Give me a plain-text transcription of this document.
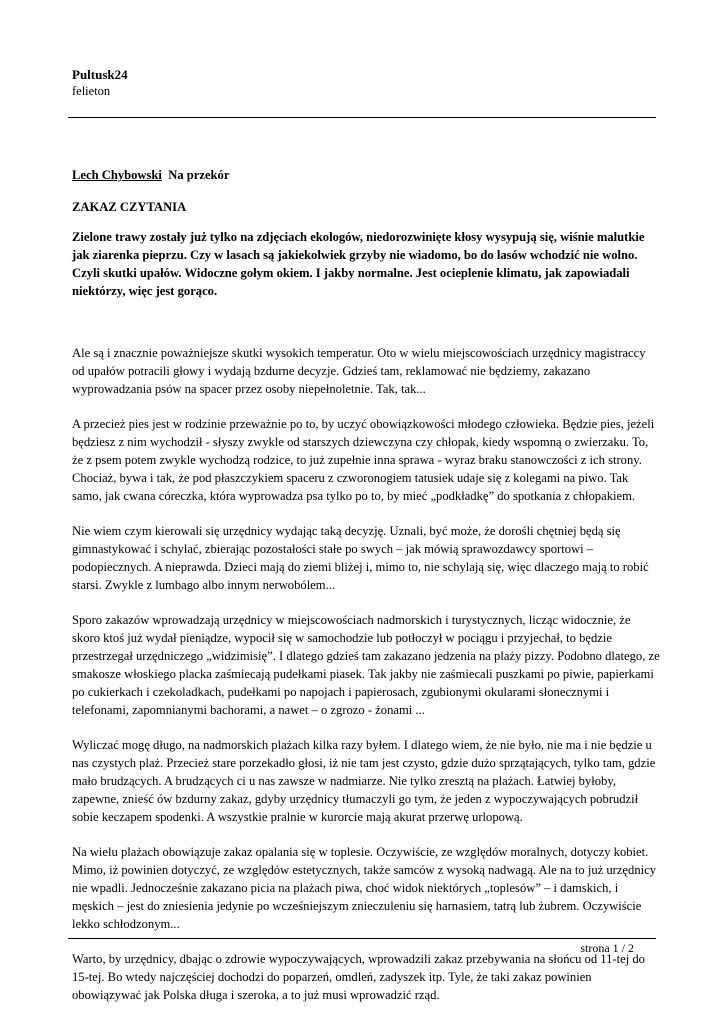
Pultusk24
felieton
Lech Chybowski Na przekór
ZAKAZ CZYTANIA
Zielone trawy zostały już tylko na zdjęciach ekologów, niedorozwinięte kłosy wysypują się, wiśnie malutkie jak ziarenka pieprzu. Czy w lasach są jakiekolwiek grzyby nie wiadomo, bo do lasów wchodzić nie wolno. Czyli skutki upałów. Widoczne gołym okiem. I jakby normalne. Jest ocieplenie klimatu, jak zapowiadali niektórzy, więc jest gorąco.

Ale są i znacznie poważniejsze skutki wysokich temperatur. Oto w wielu miejscowościach urzędnicy magistraccy od upałów potracili głowy i wydają bzdurne decyzje. Gdzieś tam, reklamować nie będziemy, zakazano wyprowadzania psów na spacer przez osoby niepełnoletnie. Tak, tak...

A przecież pies jest w rodzinie przeważnie po to, by uczyć obowiązkowości młodego człowieka. Będzie pies, jeżeli będziesz z nim wychodził - słyszy zwykle od starszych dziewczyna czy chłopak, kiedy wspomną o zwierzaku. To, że z psem potem zwykle wychodzą rodzice, to już zupełnie inna sprawa - wyraz braku stanowczości z ich strony. Chociaż, bywa i tak, że pod płaszczykiem spaceru z czworonogiem tatusiek udaje się z kolegami na piwo. Tak samo, jak cwana córeczka, która wyprowadza psa tylko po to, by mieć „podkładkę” do spotkania z chłopakiem.

Nie wiem czym kierowali się urzędnicy wydając taką decyzję. Uznali, być może, że dorośli chętniej będą się gimnastykować i schylać, zbierając pozostałości stałe po swych – jak mówią sprawozdawcy sportowi – podopiecznych. A nieprawda. Dzieci mają do ziemi bliżej i, mimo to, nie schylają się, więc dlaczego mają to robić starsi. Zwykle z lumbago albo innym nerwobólem...

Sporo zakazów wprowadzają urzędnicy w miejscowościach nadmorskich i turystycznych, licząc widocznie, że skoro ktoś już wydał pieniądze, wypocił się w samochodzie lub potłoczył w pociągu i przyjechał, to będzie przestrzegał urzędniczego „widzimisię”. I dlatego gdzieś tam zakazano jedzenia na plaży pizzy. Podobno dlatego, ze smakosze włoskiego placka zaśmiecają pudełkami piasek. Tak jakby nie zaśmiecali puszkami po piwie, papierkami po cukierkach i czekoladkach, pudełkami po napojach i papierosach, zgubionymi okularami słonecznymi i telefonami, zapomnianymi bachorami, a nawet – o zgrozo - żonami ...

Wyliczać mogę długo, na nadmorskich plażach kilka razy byłem. I dlatego wiem, że nie było, nie ma i nie będzie u nas czystych plaż. Przecież stare porzekadło głosi, iż nie tam jest czysto, gdzie dużo sprzątających, tylko tam, gdzie mało brudzących. A brudzących ci u nas zawsze w nadmiarze. Nie tylko zresztą na plażach. Łatwiej byłoby, zapewne, znieść ów bzdurny zakaz, gdyby urzędnicy tłumaczyli go tym, że jeden z wypoczywających pobrudził sobie keczapem spodenki. A wszystkie pralnie w kurorcie mają akurat przerwę urlopową.

Na wielu plażach obowiązuje zakaz opalania się w toplesie. Oczywiście, ze względów moralnych, dotyczy kobiet. Mimo, iż powinien dotyczyć, ze względów estetycznych, także samców z wysoką nadwagą. Ale na to już urzędnicy nie wpadli. Jednocześnie zakazano picia na plażach piwa, choć widok niektórych „toplesów” – i damskich, i męskich – jest do zniesienia jedynie po wcześniejszym znieczuleniu się harnasiem, tatrą lub żubrem. Oczywiście lekko schłodzonym...

Warto, by urzędnicy, dbając o zdrowie wypoczywających, wprowadzili zakaz przebywania na słońcu od 11-tej do 15-tej. Bo wtedy najczęściej dochodzi do poparzeń, omdleń, zadyszek itp. Tyle, że taki zakaz powinien obowiązywać jak Polska długa i szeroka, a to już musi wprowadzić rząd.

strona 1 / 2
